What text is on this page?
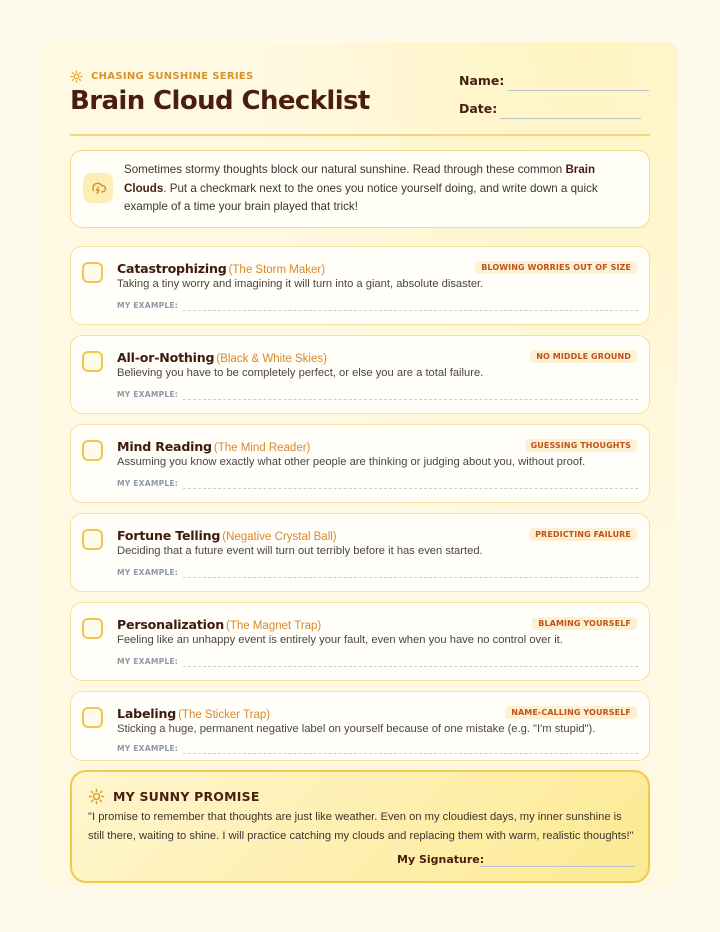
CHASING SUNSHINE SERIES
Brain Cloud Checklist
Name:
Date:
Sometimes stormy thoughts block our natural sunshine. Read through these common Brain Clouds. Put a checkmark next to the ones you notice yourself doing, and write down a quick example of a time your brain played that trick!
Catastrophizing (The Storm Maker)	BLOWING WORRIES OUT OF SIZE
Taking a tiny worry and imagining it will turn into a giant, absolute disaster.
MY EXAMPLE:
All-or-Nothing (Black & White Skies)	NO MIDDLE GROUND
Believing you have to be completely perfect, or else you are a total failure.
MY EXAMPLE:
Mind Reading (The Mind Reader)	GUESSING THOUGHTS
Assuming you know exactly what other people are thinking or judging about you, without proof.
MY EXAMPLE:
Fortune Telling (Negative Crystal Ball)	PREDICTING FAILURE
Deciding that a future event will turn out terribly before it has even started.
MY EXAMPLE:
Personalization (The Magnet Trap)	BLAMING YOURSELF
Feeling like an unhappy event is entirely your fault, even when you have no control over it.
MY EXAMPLE:
Labeling (The Sticker Trap)	NAME-CALLING YOURSELF
Sticking a huge, permanent negative label on yourself because of one mistake (e.g. "I'm stupid").
MY EXAMPLE:
MY SUNNY PROMISE
"I promise to remember that thoughts are just like weather. Even on my cloudiest days, my inner sunshine is still there, waiting to shine. I will practice catching my clouds and replacing them with warm, realistic thoughts!"
My Signature:
